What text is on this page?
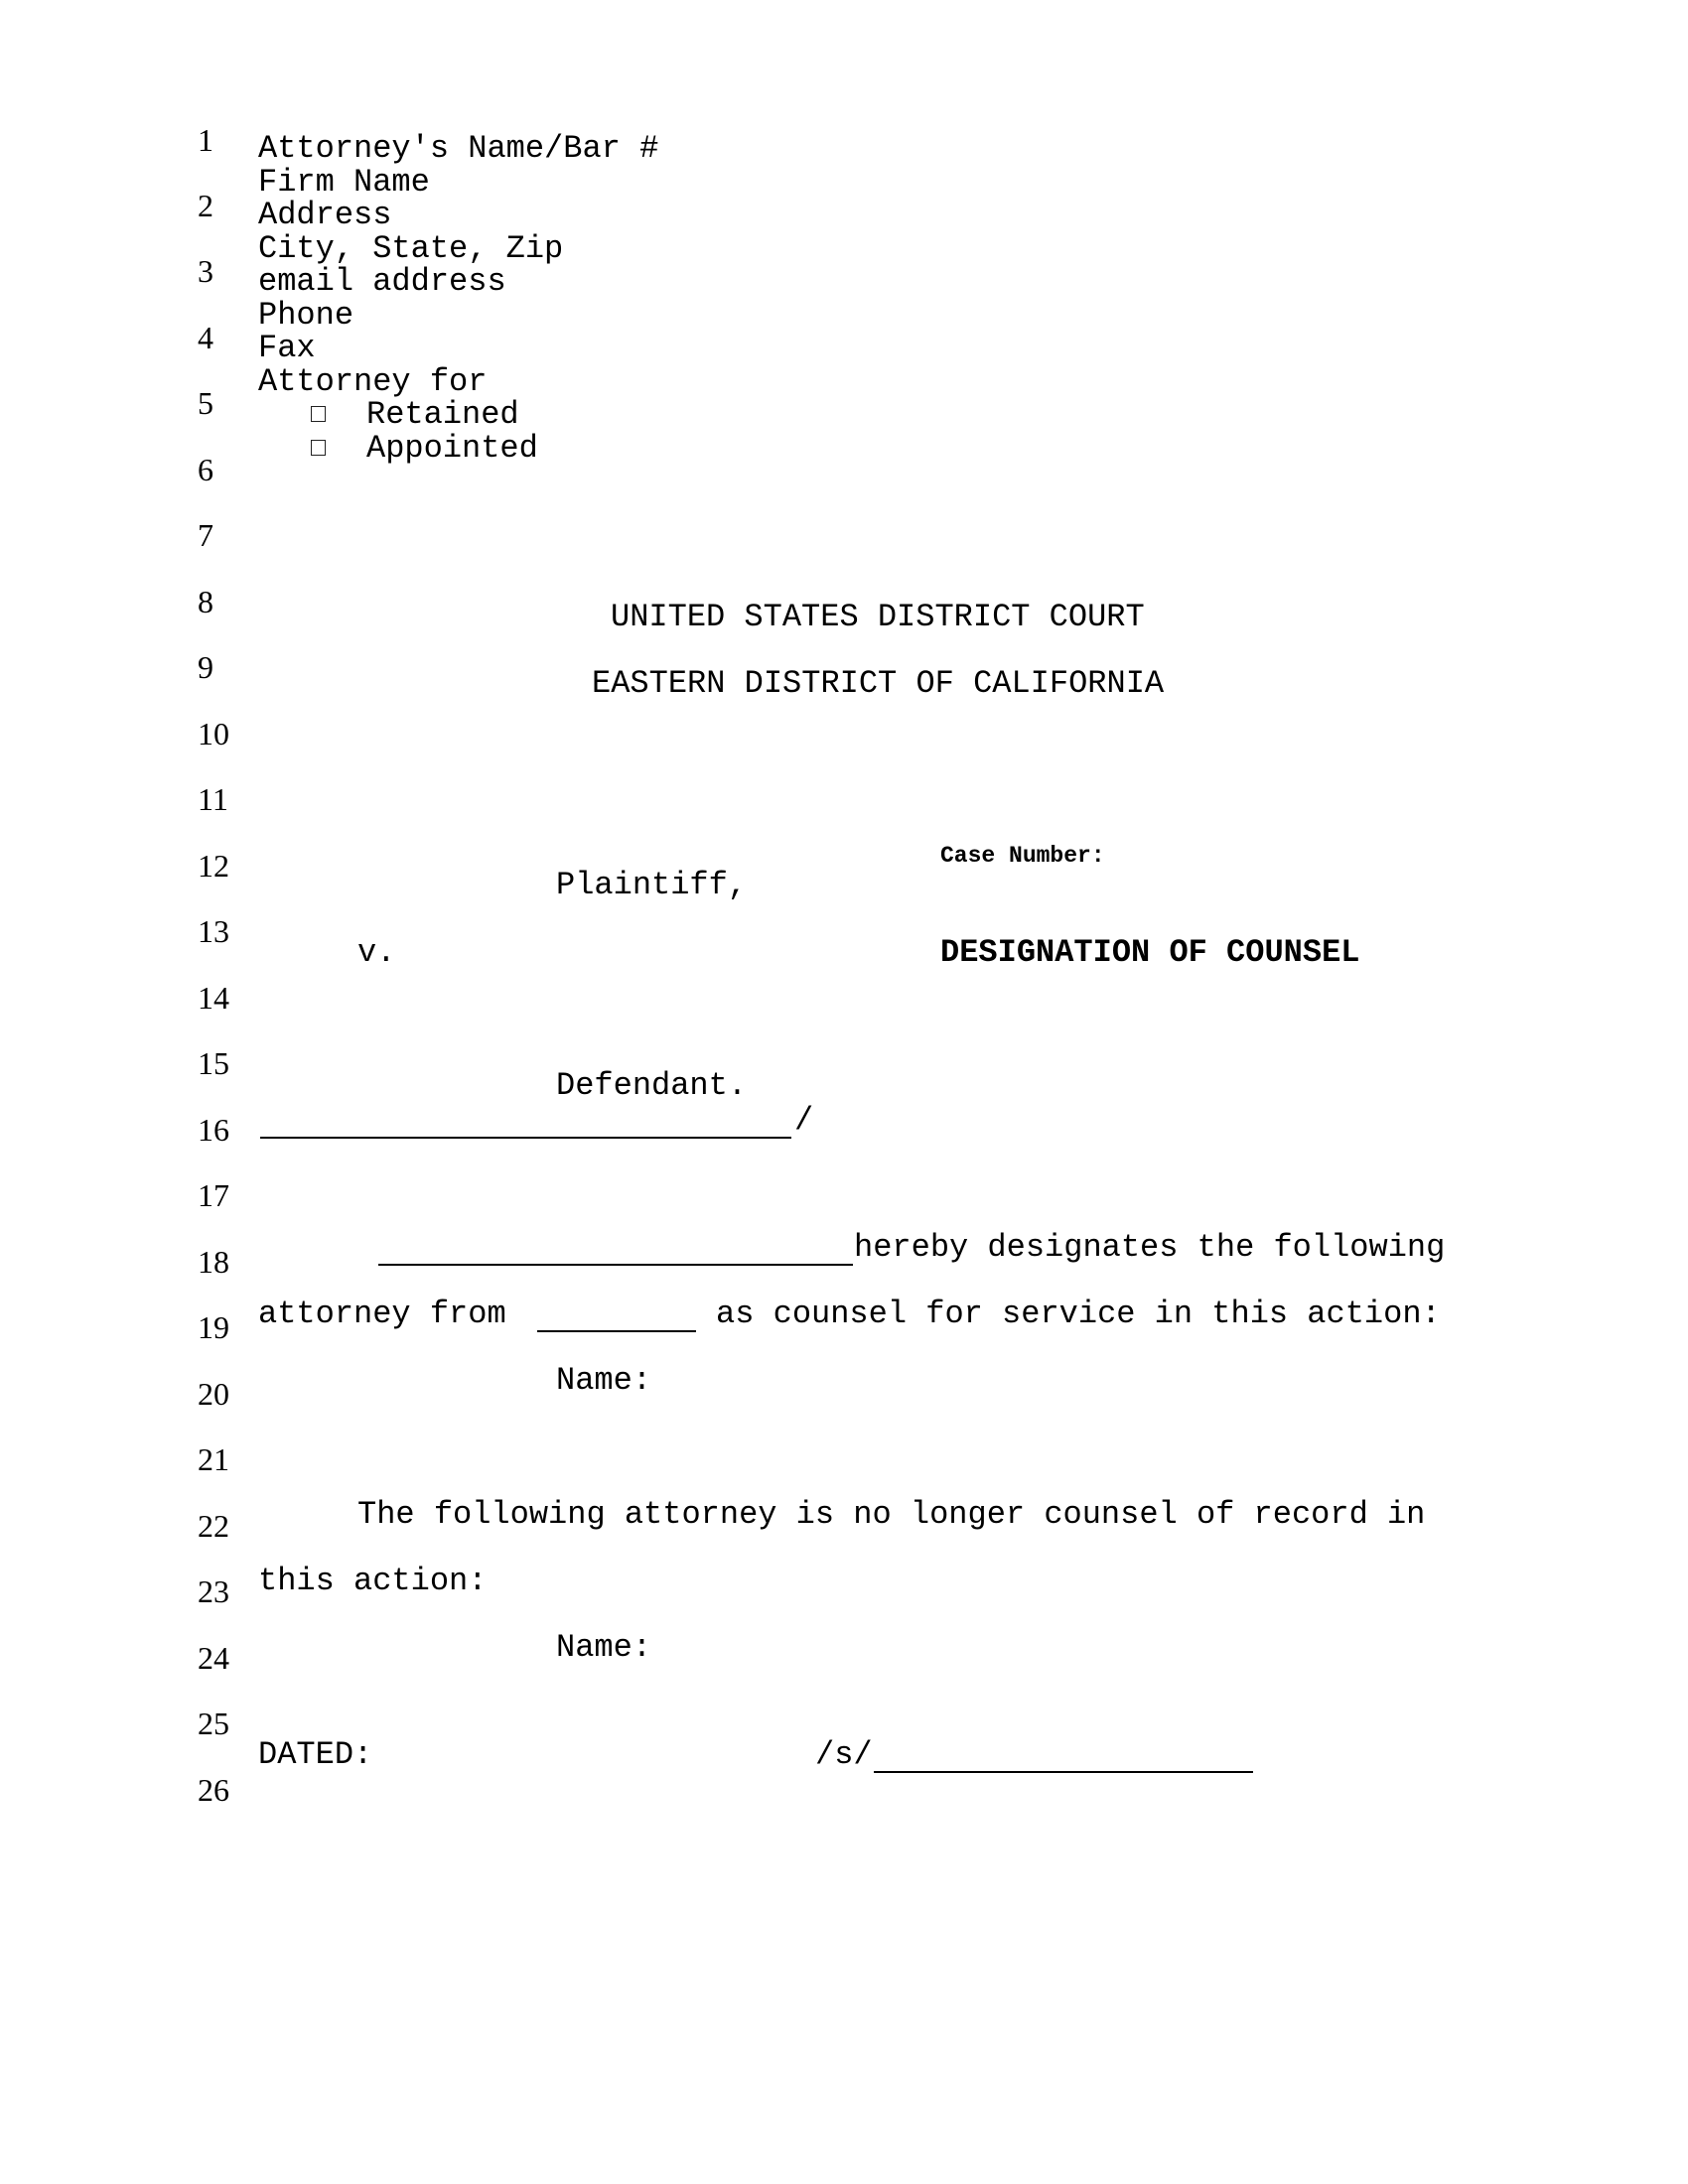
1
2
3
4
5
6
7
8
9
10
11
12
13
14
15
16
17
18
19
20
21
22
23
24
25
26
Attorney's Name/Bar #
Firm Name
Address
City, State, Zip
email address
Phone
Fax
Attorney for
Retained
Appointed
UNITED STATES DISTRICT COURT
EASTERN DISTRICT OF CALIFORNIA
Case Number:
Plaintiff,
v.	DESIGNATION OF COUNSEL
Defendant.
/
hereby designates the following
attorney from	as counsel for service in this action:
Name:
The following attorney is no longer counsel of record in
this action:
Name:
DATED:	/s/
